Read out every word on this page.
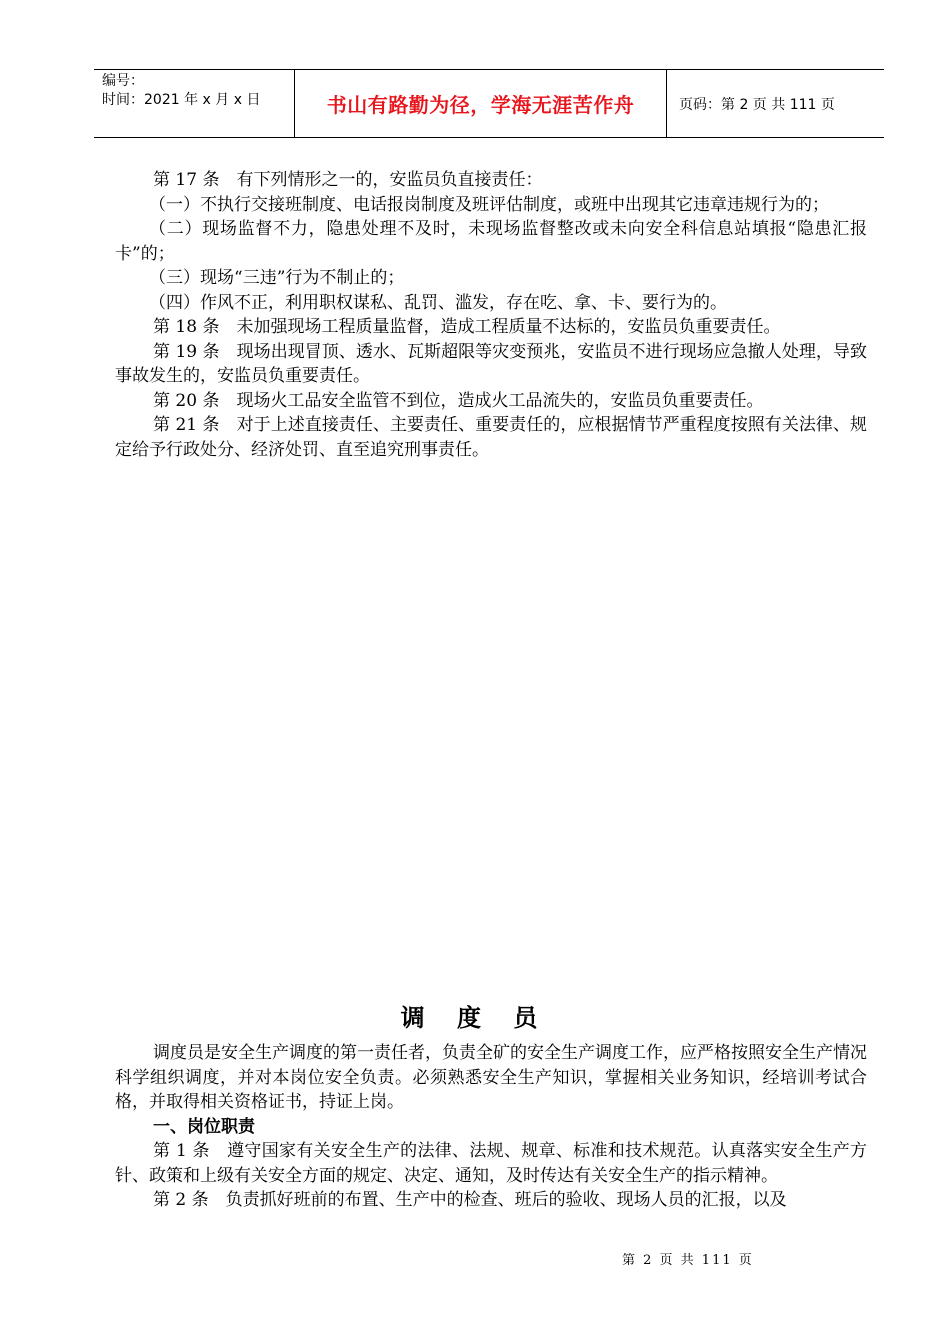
编号：
时间：2021 年 x 月 x 日	书山有路勤为径，学海无涯苦作舟	页码：第 2 页 共 111 页

第 17 条　有下列情形之一的，安监员负直接责任：

（一）不执行交接班制度、电话报岗制度及班评估制度，或班中出现其它违章违规行为的；

（二）现场监督不力，隐患处理不及时，未现场监督整改或未向安全科信息站填报“隐患汇报卡”的；

（三）现场“三违”行为不制止的；

（四）作风不正，利用职权谋私、乱罚、滥发，存在吃、拿、卡、要行为的。

第 18 条　未加强现场工程质量监督，造成工程质量不达标的，安监员负重要责任。

第 19 条　现场出现冒顶、透水、瓦斯超限等灾变预兆，安监员不进行现场应急撤人处理，导致事故发生的，安监员负重要责任。

第 20 条　现场火工品安全监管不到位，造成火工品流失的，安监员负重要责任。

第 21 条　对于上述直接责任、主要责任、重要责任的，应根据情节严重程度按照有关法律、规定给予行政处分、经济处罚、直至追究刑事责任。

调 度 员

调度员是安全生产调度的第一责任者，负责全矿的安全生产调度工作，应严格按照安全生产情况科学组织调度，并对本岗位安全负责。必须熟悉安全生产知识，掌握相关业务知识，经培训考试合格，并取得相关资格证书，持证上岗。

一、岗位职责

第 1 条　遵守国家有关安全生产的法律、法规、规章、标准和技术规范。认真落实安全生产方针、政策和上级有关安全方面的规定、决定、通知，及时传达有关安全生产的指示精神。

第 2 条　负责抓好班前的布置、生产中的检查、班后的验收、现场人员的汇报，以及

第 2 页 共 111 页
